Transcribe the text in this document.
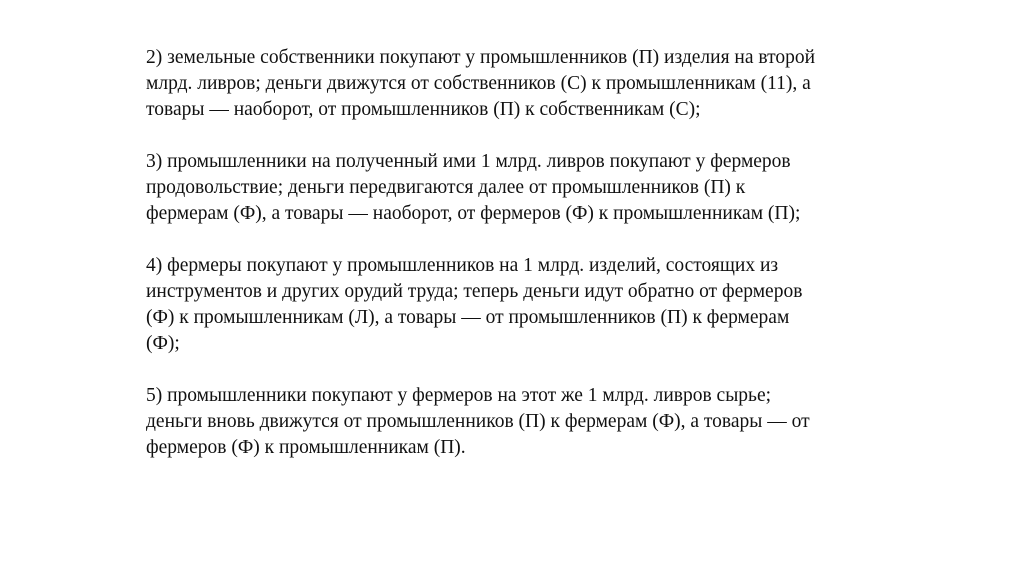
2) земельные собственники покупают у промышленников (П) изделия на второй
млрд. ливров; деньги движутся от собственников (С) к промышленникам (11), а
товары — наоборот, от промышленников (П) к собственникам (С);

3) промышленники на полученный ими 1 млрд. ливров покупают у фермеров
продовольствие; деньги передвигаются далее от промышленников (П) к
фермерам (Ф), а товары — наоборот, от фермеров (Ф) к промышленникам (П);

4) фермеры покупают у промышленников на 1 млрд. изделий, состоящих из
инструментов и других орудий труда; теперь деньги идут обратно от фермеров
(Ф) к промышленникам (Л), а товары — от промышленников (П) к фермерам
(Ф);

5) промышленники покупают у фермеров на этот же 1 млрд. ливров сырье;
деньги вновь движутся от промышленников (П) к фермерам (Ф), а товары — от
фермеров (Ф) к промышленникам (П).
